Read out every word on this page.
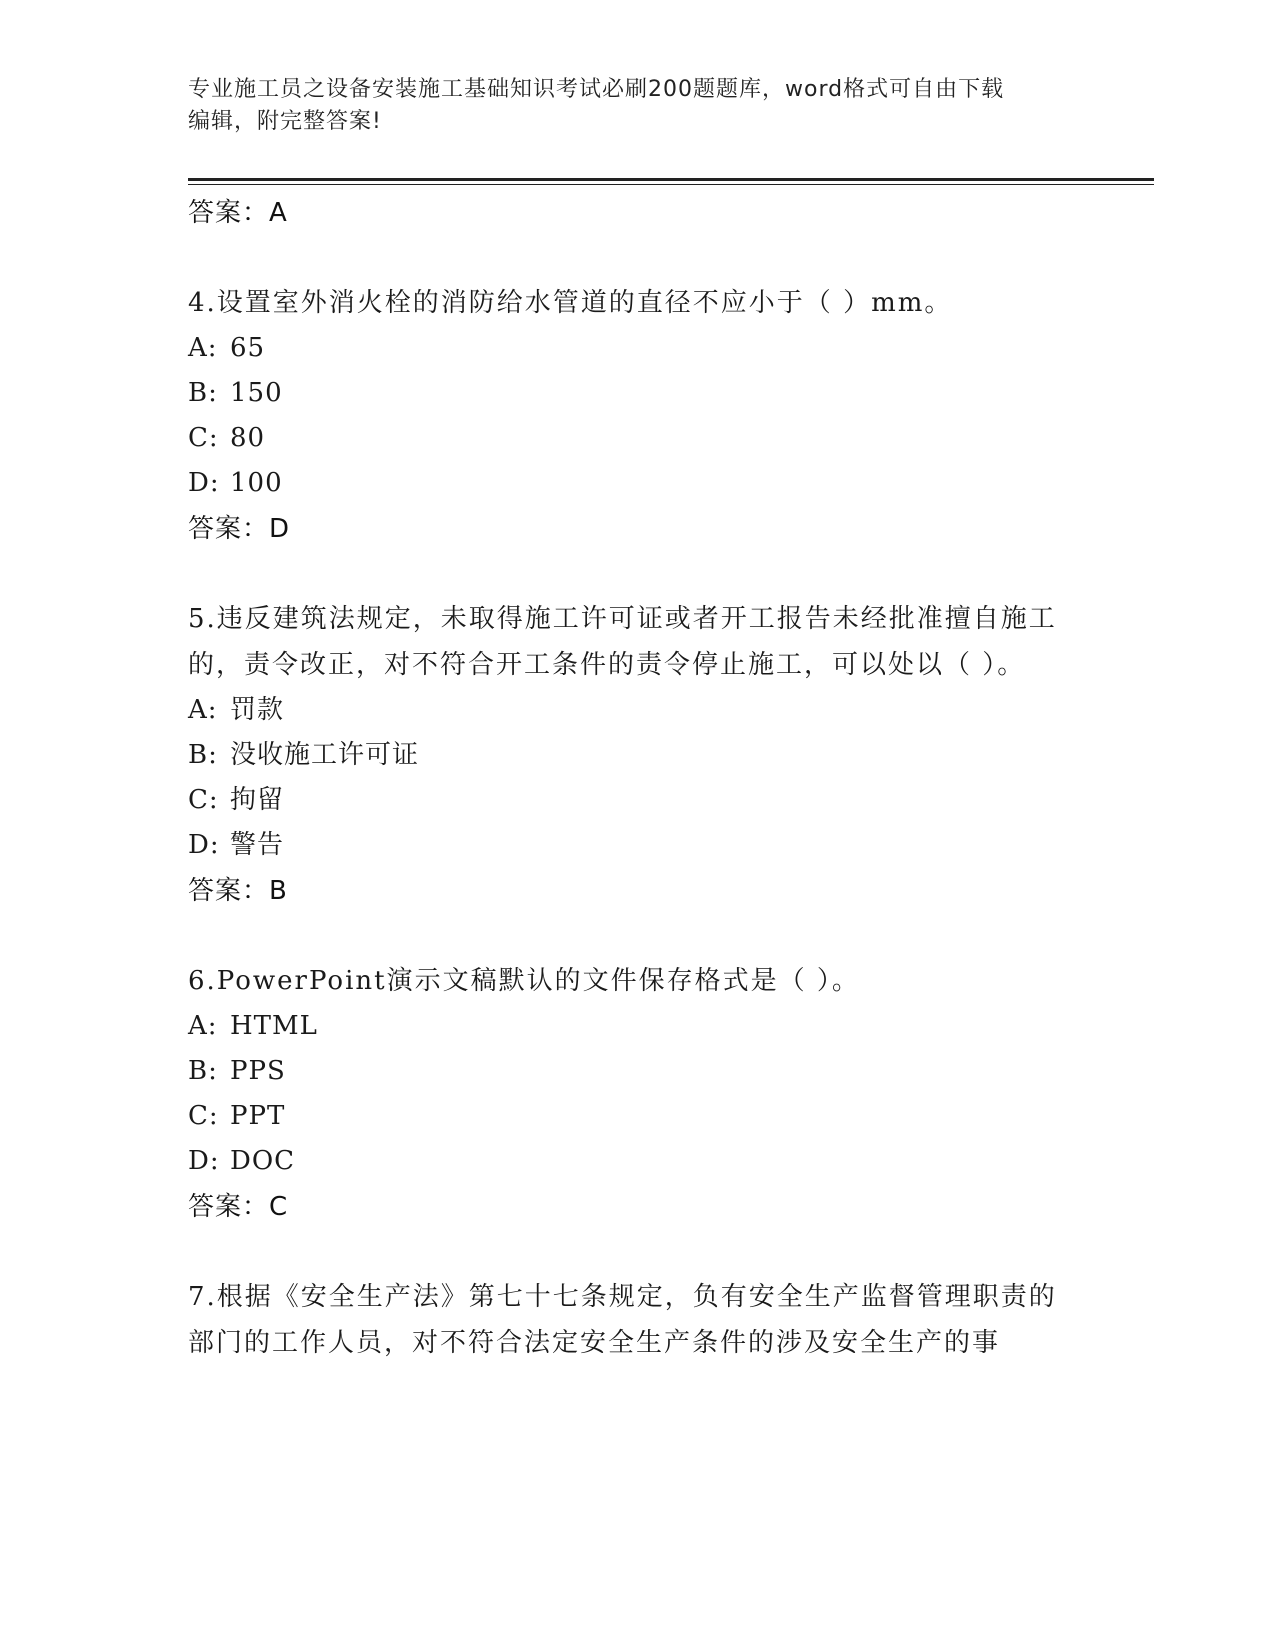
专业施工员之设备安装施工基础知识考试必刷200题题库，word格式可自由下载
编辑，附完整答案!
答案：A
4.设置室外消火栓的消防给水管道的直径不应小于（ ）mm。
A: 65
B: 150
C: 80
D: 100
答案：D
5.违反建筑法规定，未取得施工许可证或者开工报告未经批准擅自施工的，责令改正，对不符合开工条件的责令停止施工，可以处以（ ）。
A: 罚款
B: 没收施工许可证
C: 拘留
D: 警告
答案：B
6.PowerPoint演示文稿默认的文件保存格式是（ ）。
A: HTML
B: PPS
C: PPT
D: DOC
答案：C
7.根据《安全生产法》第七十七条规定，负有安全生产监督管理职责的部门的工作人员，对不符合法定安全生产条件的涉及安全生产的事
